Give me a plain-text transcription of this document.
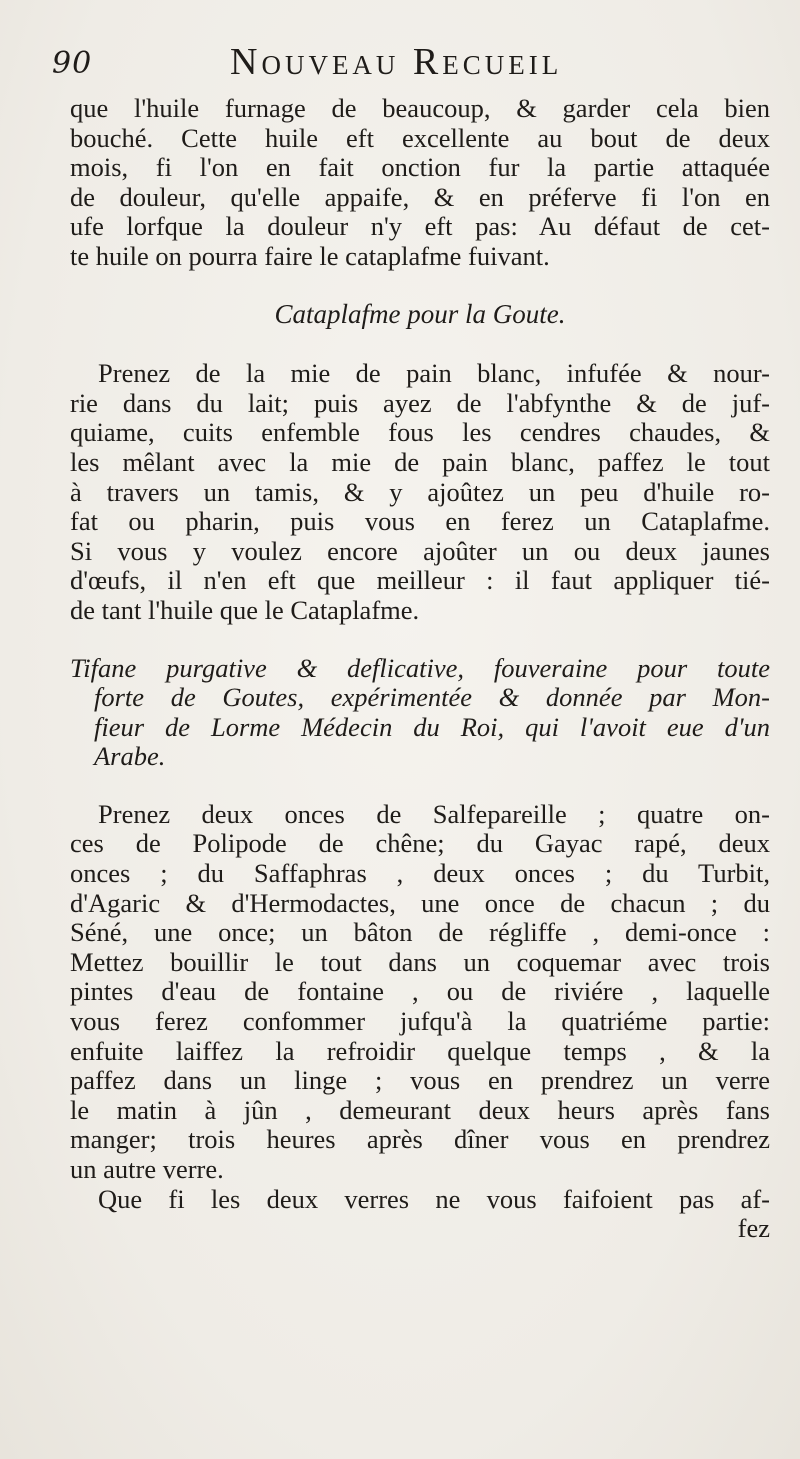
90	Nouveau Recueil
que l'huile furnage de beaucoup, & garder cela bien
bouché. Cette huile eft excellente au bout de deux
mois, fi l'on en fait onction fur la partie attaquée
de douleur, qu'elle appaife, & en préferve fi l'on en
ufe lorfque la douleur n'y eft pas: Au défaut de cet-
te huile on pourra faire le cataplafme fuivant.
Cataplafme pour la Goute.
Prenez de la mie de pain blanc, infufée & nour-
rie dans du lait; puis ayez de l'abfynthe & de juf-
quiame, cuits enfemble fous les cendres chaudes, &
les mêlant avec la mie de pain blanc, paffez le tout
à travers un tamis, & y ajoûtez un peu d'huile ro-
fat ou pharin, puis vous en ferez un Cataplafme.
Si vous y voulez encore ajoûter un ou deux jaunes
d'œufs, il n'en eft que meilleur : il faut appliquer tié-
de tant l'huile que le Cataplafme.
Tifane purgative & deflicative, fouveraine pour toute
forte de Goutes, expérimentée & donnée par Mon-
fieur de Lorme Médecin du Roi, qui l'avoit eue d'un
Arabe.
Prenez deux onces de Salfepareille ; quatre on-
ces de Polipode de chêne; du Gayac rapé, deux
onces ; du Saffaphras , deux onces ; du Turbit,
d'Agaric & d'Hermodactes, une once de chacun ; du
Séné, une once; un bâton de régliffe , demi-once :
Mettez bouillir le tout dans un coquemar avec trois
pintes d'eau de fontaine , ou de riviére , laquelle
vous ferez confommer jufqu'à la quatriéme partie:
enfuite laiffez la refroidir quelque temps , & la
paffez dans un linge ; vous en prendrez un verre
le matin à jûn , demeurant deux heurs après fans
manger; trois heures après dîner vous en prendrez
un autre verre.
Que fi les deux verres ne vous faifoient pas af-
fez
